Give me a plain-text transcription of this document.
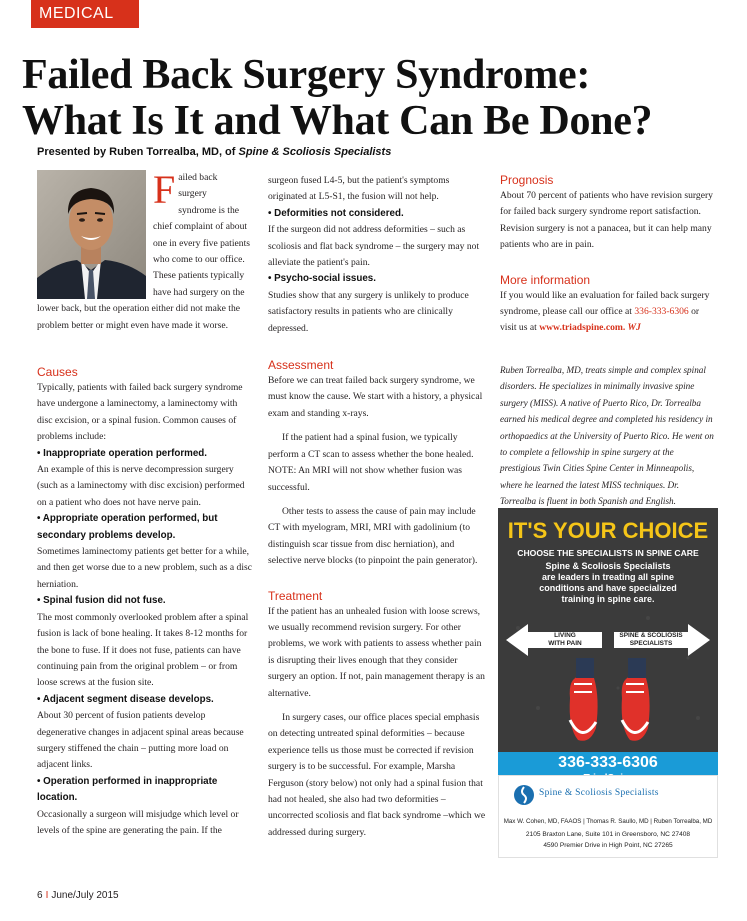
MEDICAL
Failed Back Surgery Syndrome:
What Is It and What Can Be Done?
Presented by Ruben Torrealba, MD, of Spine & Scoliosis Specialists
F ailed back
surgery
syndrome is the
chief complaint of about
one in every five patients
who come to our office.
These patients typically
have had surgery on the

lower back, but the operation either did not make the problem better or might even have made it worse.

Causes

Typically, patients with failed back surgery syndrome have undergone a laminectomy, a laminectomy with disc excision, or a spinal fusion. Common causes of problems include:

• Inappropriate operation performed.

An example of this is nerve decompression surgery (such as a laminectomy with disc excision) performed on a patient who does not have nerve pain.

• Appropriate operation performed, but secondary problems develop.

Sometimes laminectomy patients get better for a while, and then get worse due to a new problem, such as a disc herniation.

• Spinal fusion did not fuse.

The most commonly overlooked problem after a spinal fusion is lack of bone healing. It takes 8-12 months for the bone to fuse. If it does not fuse, patients can have continuing pain from the original problem – or from loose screws at the fusion site.

• Adjacent segment disease develops.

About 30 percent of fusion patients develop degenerative changes in adjacent spinal areas because surgery stiffened the chain – putting more load on adjacent links.

• Operation performed in inappropriate location.

Occasionally a surgeon will misjudge which level or levels of the spine are generating the pain. If the

surgeon fused L4-5, but the patient's symptoms originated at L5-S1, the fusion will not help.

• Deformities not considered.

If the surgeon did not address deformities – such as scoliosis and flat back syndrome – the surgery may not alleviate the patient's pain.

• Psycho-social issues.

Studies show that any surgery is unlikely to produce satisfactory results in patients who are clinically depressed.

Assessment

Before we can treat failed back surgery syndrome, we must know the cause. We start with a history, a physical exam and standing x-rays.

If the patient had a spinal fusion, we typically perform a CT scan to assess whether the bone healed. NOTE: An MRI will not show whether fusion was successful.

Other tests to assess the cause of pain may include CT with myelogram, MRI, MRI with gadolinium (to distinguish scar tissue from disc herniation), and selective nerve blocks (to pinpoint the pain generator).

Treatment

If the patient has an unhealed fusion with loose screws, we usually recommend revision surgery. For other problems, we work with patients to assess whether pain is disrupting their lives enough that they consider surgery an option. If not, pain management therapy is an alternative.

In surgery cases, our office places special emphasis on detecting untreated spinal deformities – because experience tells us those must be corrected if revision surgery is to be successful. For example, Marsha Ferguson (story below) not only had a spinal fusion that had not healed, she also had two deformities – uncorrected scoliosis and flat back syndrome –which we addressed during surgery.

Prognosis

About 70 percent of patients who have revision surgery for failed back surgery syndrome report satisfaction. Revision surgery is not a panacea, but it can help many patients who are in pain.

More information

If you would like an evaluation for failed back surgery syndrome, please call our office at 336-333-6306 or visit us at www.triadspine.com. WJ

Ruben Torrealba, MD, treats simple and complex spinal disorders. He specializes in minimally invasive spine surgery (MISS). A native of Puerto Rico, Dr. Torrealba earned his medical degree and completed his residency in orthopaedics at the University of Puerto Rico. He went on to complete a fellowship in spine surgery at the prestigious Twin Cities Spine Center in Minneapolis, where he learned the latest MISS techniques. Dr. Torrealba is fluent in both Spanish and English.

IT'S YOUR CHOICE
CHOOSE THE SPECIALISTS IN SPINE CARE
Spine & Scoliosis Specialists
are leaders in treating all spine
conditions and have specialized
training in spine care.
LIVING
WITH PAIN
SPINE & SCOLIOSIS
SPECIALISTS
336-333-6306
Spine & Scoliosis Specialists
Max W. Cohen, MD, FAAOS | Thomas R. Saullo, MD | Ruben Torrealba, MD
2105 Braxton Lane, Suite 101 in Greensboro, NC 27408
4590 Premier Drive in High Point, NC 27265
6 I June/July 2015
